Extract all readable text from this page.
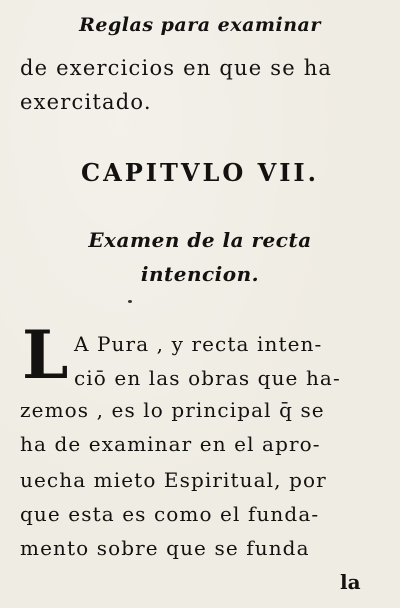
Reglas para examinar
de exercicios en que se ha
exercitado.
CAPITVLO VII.
Examen de la recta
intencion.
L A Pura , y recta inten-
ciō en las obras que ha-
zemos , es lo principal q̄ se
ha de examinar en el apro-
uecha mieto Espiritual, por
que esta es como el funda-
mento sobre que se funda
la
